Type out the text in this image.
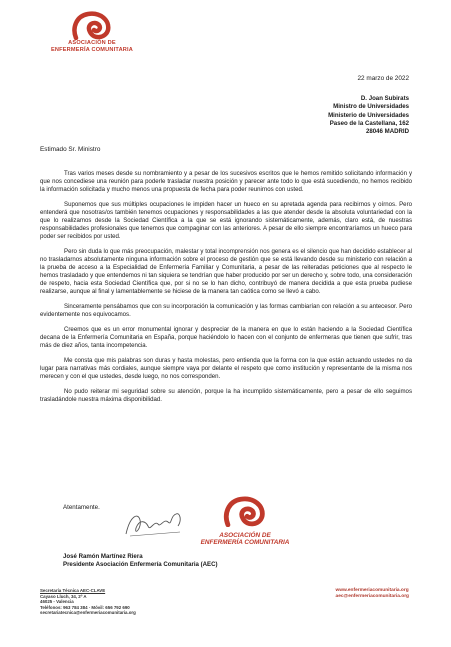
ASOCIACIÓN DE
ENFERMERÍA COMUNITARIA
22 marzo de 2022
D. Joan Subirats
Ministro de Universidades
Ministerio de Universidades
Paseo de la Castellana, 162
28046 MADRID
Estimado Sr. Ministro

Tras varios meses desde su nombramiento y a pesar de los sucesivos escritos que le hemos remitido solicitando información y que nos concediese una reunión para poderle trasladar nuestra posición y parecer ante todo lo que está sucediendo, no hemos recibido la información solicitada y mucho menos una propuesta de fecha para poder reunirnos con usted.

Suponemos que sus múltiples ocupaciones le impiden hacer un hueco en su apretada agenda para recibirnos y oírnos. Pero entenderá que nosotras/os también tenemos ocupaciones y responsabilidades a las que atender desde la absoluta voluntariedad con la que lo realizamos desde la Sociedad Científica a la que se está ignorando sistemáticamente, además, claro está, de nuestras responsabilidades profesionales que tenemos que compaginar con las anteriores. A pesar de ello siempre encontraríamos un hueco para poder ser recibidos por usted.

Pero sin duda lo que más preocupación, malestar y total incomprensión nos genera es el silencio que han decidido establecer al no trasladarnos absolutamente ninguna información sobre el proceso de gestión que se está llevando desde su ministerio con relación a la prueba de acceso a la Especialidad de Enfermería Familiar y Comunitaria, a pesar de las reiteradas peticiones que al respecto le hemos trasladado y que entendemos ni tan siquiera se tendrían que haber producido por ser un derecho y, sobre todo, una consideración de respeto, hacia esta Sociedad Científica que, por si no se lo han dicho, contribuyó de manera decidida a que esta prueba pudiese realizarse, aunque al final y lamentablemente se hiciese de la manera tan caótica como se llevó a cabo.

Sinceramente pensábamos que con su incorporación la comunicación y las formas cambiarían con relación a su antecesor. Pero evidentemente nos equivocamos.

Creemos que es un error monumental ignorar y despreciar de la manera en que lo están haciendo a la Sociedad Científica decana de la Enfermería Comunitaria en España, porque haciéndolo lo hacen con el conjunto de enfermeras que tienen que sufrir, tras más de diez años, tanta incompetencia.

Me consta que mis palabras son duras y hasta molestas, pero entienda que la forma con la que están actuando ustedes no da lugar para narrativas más cordiales, aunque siempre vaya por delante el respeto que como institución y representante de la misma nos merecen y con el que ustedes, desde luego, no nos corresponden.

No pudo reiterar mi seguridad sobre su atención, porque la ha incumplido sistemáticamente, pero a pesar de ello seguimos trasladándole nuestra máxima disponibilidad.

Atentamente.
ASOCIACIÓN DE
ENFERMERÍA COMUNITARIA
José Ramón Martínez Riera
Presidente Asociación Enfermería Comunitaria (AEC)
Secretaría Técnica AEC-CLAVE
Cayaso Lluch, 34, 2º A
46025 - Valencia
Teléfonos: 963 784 384 · Móvil: 656 792 690
secretariatecnica@enfermeriacomunitaria.org
www.enfermeriacomunitaria.org
aec@enfermeriacomunitaria.org
